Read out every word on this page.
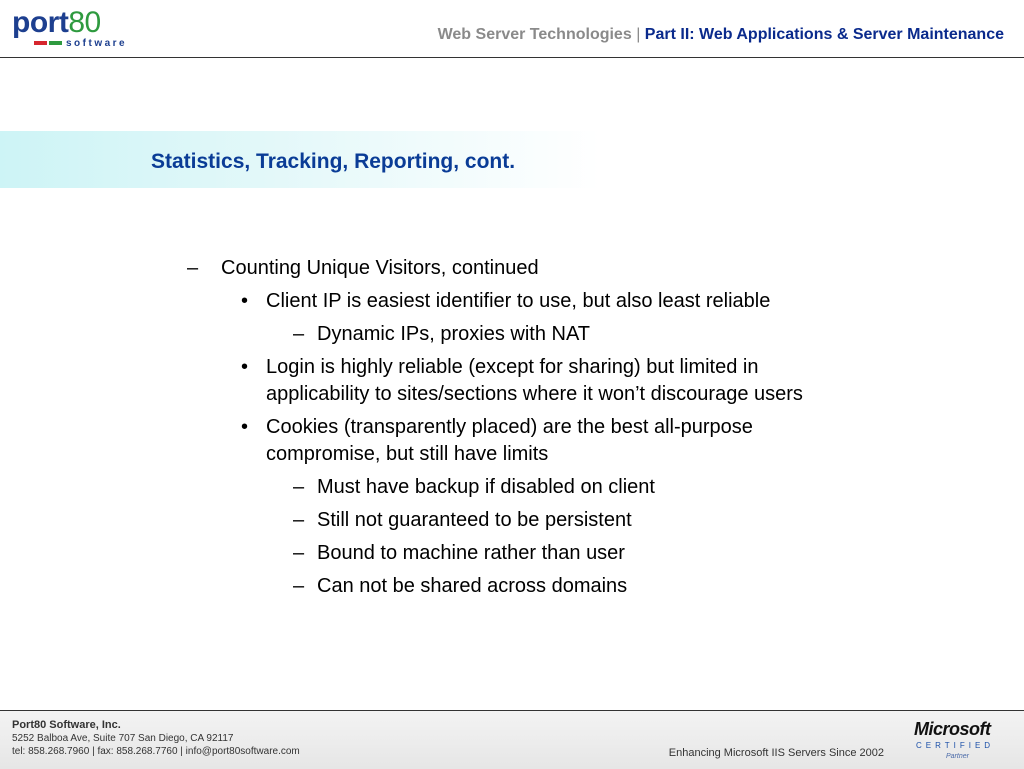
port80
software
Web Server Technologies | Part II: Web Applications & Server Maintenance
Statistics, Tracking, Reporting, cont.
– Counting Unique Visitors, continued
• Client IP is easiest identifier to use, but also least reliable
– Dynamic IPs, proxies with NAT
• Login is highly reliable (except for sharing) but limited in
applicability to sites/sections where it won’t discourage users
• Cookies (transparently placed) are the best all-purpose
compromise, but still have limits
– Must have backup if disabled on client
– Still not guaranteed to be persistent
– Bound to machine rather than user
– Can not be shared across domains
Port80 Software, Inc.
5252 Balboa Ave, Suite 707 San Diego, CA 92117
tel: 858.268.7960 | fax: 858.268.7760 | info@port80software.com	Enhancing Microsoft IIS Servers Since 2002
Microsoft
CERTIFIED
Partner
